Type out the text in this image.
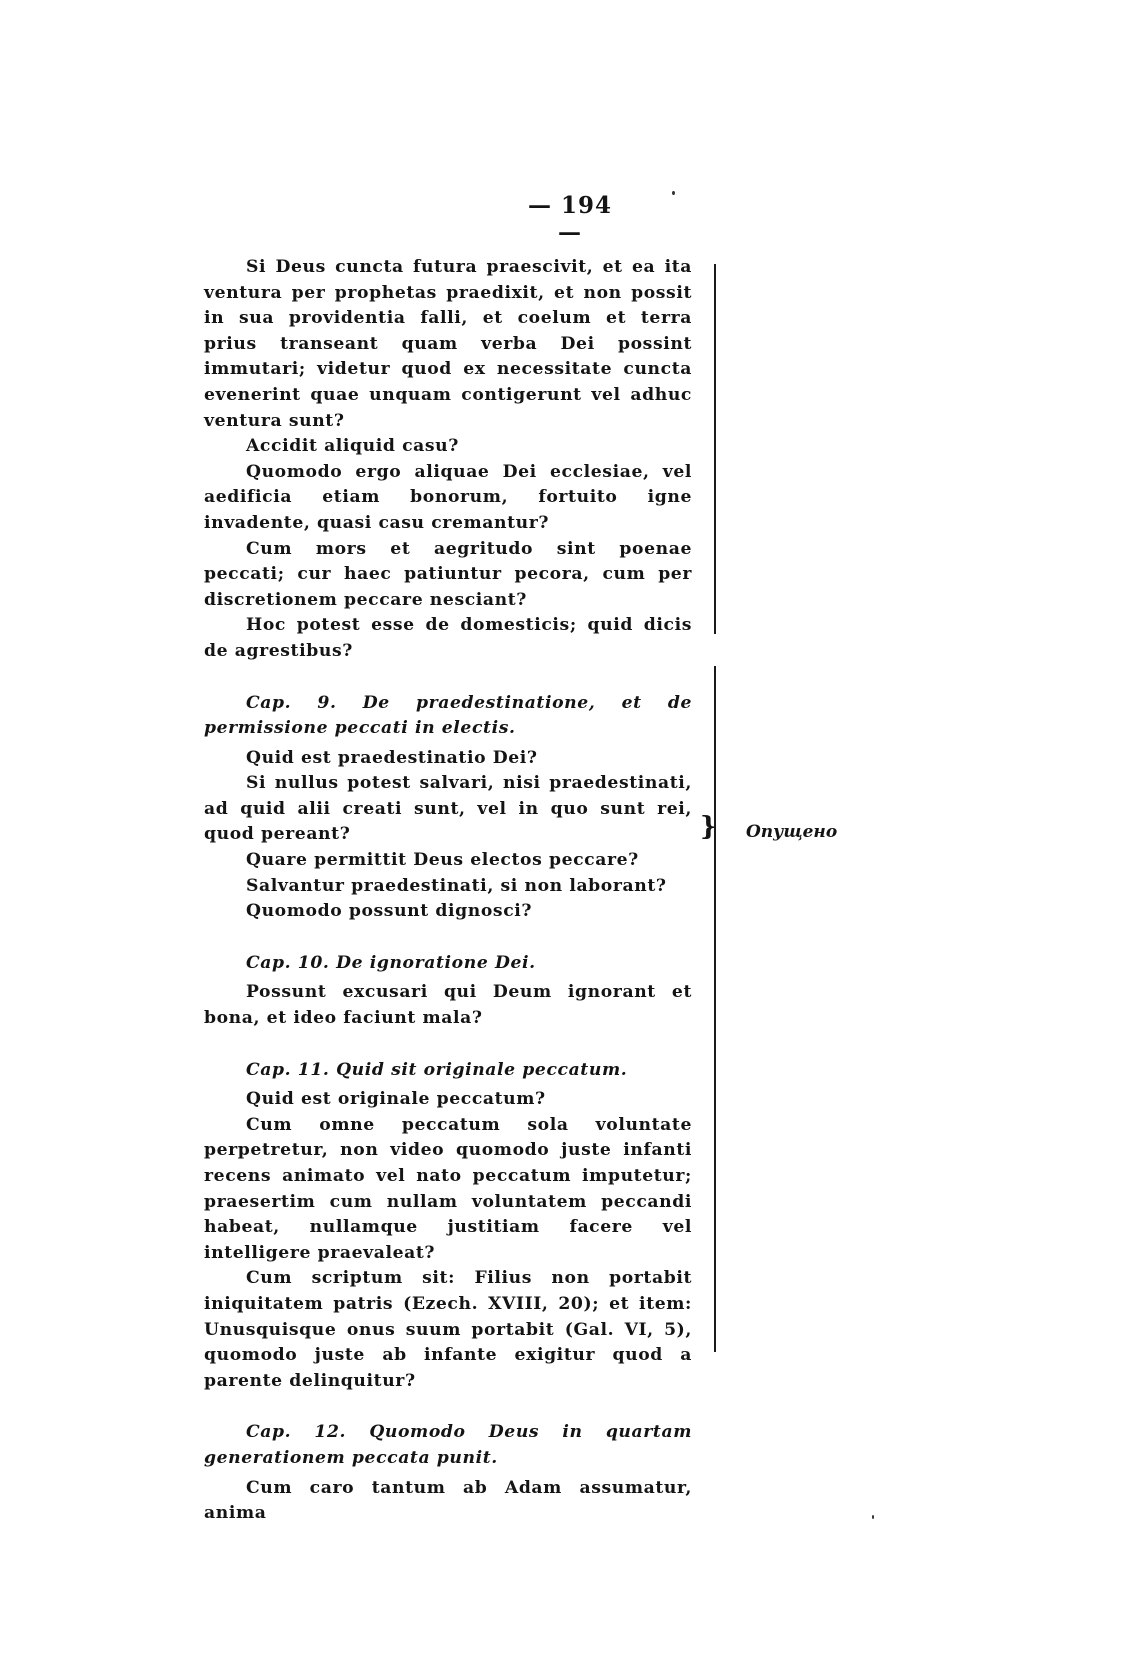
— 194 —

Si Deus cuncta futura praescivit, et ea ita ventura per prophetas praedixit, et non possit in sua providentia falli, et coelum et terra prius transeant quam verba Dei possint immutari; videtur quod ex necessitate cuncta evenerint quae unquam contigerunt vel adhuc ventura sunt?

Accidit aliquid casu?

Quomodo ergo aliquae Dei ecclesiae, vel aedificia etiam bonorum, fortuito igne invadente, quasi casu cremantur?

Cum mors et aegritudo sint poenae peccati; cur haec patiuntur pecora, cum per discretionem peccare nesciant?

Hoc potest esse de domesticis; quid dicis de agrestibus?

Cap. 9. De praedestinatione, et de permissione peccati in electis.

Quid est praedestinatio Dei?

Si nullus potest salvari, nisi praedestinati, ad quid alii creati sunt, vel in quo sunt rei, quod pereant?

Quare permittit Deus electos peccare?

Salvantur praedestinati, si non laborant?

Quomodo possunt dignosci?

Cap. 10. De ignoratione Dei.

Possunt excusari qui Deum ignorant et bona, et ideo faciunt mala?

Cap. 11. Quid sit originale peccatum.

Quid est originale peccatum?

Cum omne peccatum sola voluntate perpetretur, non video quomodo juste infanti recens animato vel nato peccatum imputetur; praesertim cum nullam voluntatem peccandi habeat, nullamque justitiam facere vel intelligere praevaleat?

Cum scriptum sit: Filius non portabit iniquitatem patris (Ezech. XVIII, 20); et item: Unusquisque onus suum portabit (Gal. VI, 5), quomodo juste ab infante exigitur quod a parente delinquitur?

Cap. 12. Quomodo Deus in quartam generationem peccata punit.

Cum caro tantum ab Adam assumatur, anima

} Опущено
